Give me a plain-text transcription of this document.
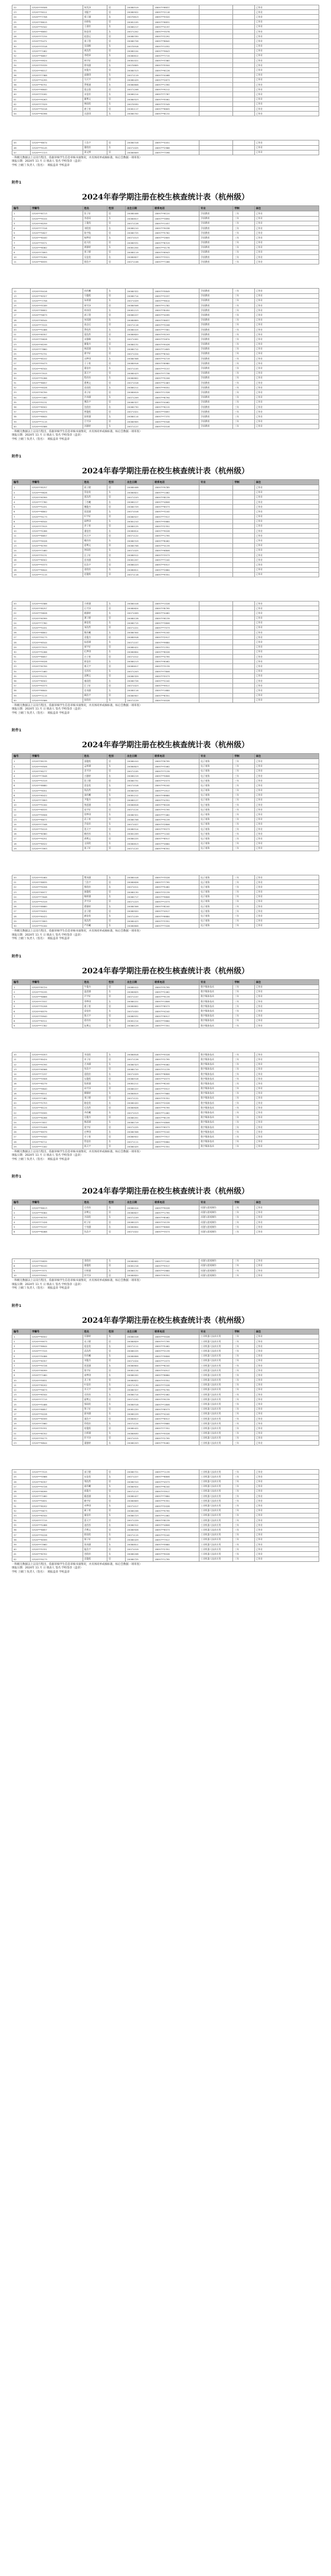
22	G320***9506	何其泽	男	20080519	18097**6637			已毕业
23	G320***9011	刘振宇	男	20080922	18097**2118			已毕业
24	G320***7708	郑子涵	女	20070613	18097**5520			已毕业
25	G320***8615	孙梓航	男	20081105	18097**6831			已毕业
26	G320***9342	王嘉怡	女	20080217	18097**4197			已毕业
27	G320***6650	陈佳琪	女	20071202	18097**3076			已毕业
28	G320***7154	赵思远	男	20080330	18097**2291			已毕业
29	G320***5471	周子墨	男	20080726	18097**8840			已毕业
30	G320***3318	吴雨桐	女	20070918	18097**1052			已毕业
31	G320***7462	黄浩然	男	20080104	18097**9643			已毕业
32	G320***8857	李欣妍	女	20080612	18097**7715			已毕业
33	G320***9924	林宇轩	男	20081021	18097**3380			已毕业
34	G320***5539	徐诗涵	女	20070805	18097**5504			已毕业
35	G320***6017	何俊杰	男	20080313	18097**6126			已毕业
36	G320***7388	高雅琪	女	20071119	18097**4468			已毕业
37	G320***4295	马天宇	男	20080429	18097**2873			已毕业
38	G320***8751	罗紫涵	女	20080808	18097**1390			已毕业
39	G320***6640	梁志强	男	20071206	18097**9212			已毕业
40	G320***3182	宋佳怡	女	20080214	18097**7787			已毕业
41	G320***9263	谢博文	男	20080523	18097**5061			已毕业
42	G320***7529	韩雨欣	女	20070930	18097**3349			已毕业
43	G320***5018	唐子豪	男	20081117	18097**6605			已毕业
44	G320***8396	冯思琪	女	20080702	18097**8132			已毕业
45	G320***6674	于浩宇	男	20080316	18097**4451			已毕业
46	G320***9145	董欣怡	女	20071025	18097**2968			已毕业
47	G320***7723	萧文博	男	20080609	18097**7096			已毕业
一和级无数据以上以及行程出，依据审核学生信息审核书面情况，并具体同单成核标准，标后会数据一项审查）
填报日期：2024年 11 月 日 填表人 签名 学校签章（盖章）
学校 上级门 负责人（签名）： 填报盖章 学校盖章
附件1
2024年春学期注册在校生核查统计表（杭州级）
编号	学籍号	姓名	性别	出生日期	联系电话	专业	学制	备注
1	G320***8713	张子轩	男	20080406	18097**6120	学前教育	三年	已毕业
2	G320***9104	李思雨	女	20080817	18097**3894	学前教育	三年	已毕业
3	G320***6259	王俊凯	男	20071128	18097**1457	学前教育	三年	已毕业
4	G320***7316	刘欣悦	女	20080210	18097**9038	学前教育	三年	已毕业
5	G320***5827	陈宇航	男	20080725	18097**5762	学前教育	三年	已毕业
6	G320***8440	杨梦瑶	女	20071013	18097**2605	学前教育	三年	已毕业
7	G320***9571	赵天佑	男	20080531	18097**8319	学前教育	三年	已毕业
8	G320***6082	黄雅婷	女	20081204	18097**4176	学前教育	三年	已毕业
9	G320***7693	周子健	男	20080119	18097**6943	学前教育	三年	已毕业
10	G320***5264	吴佳欣	女	20080827	18097**3521	学前教育	三年	已毕业
11	G320***8935	徐浩宇	男	20071108	18097**7286	学前教育	三年	已毕业
12	G320***9416	孙若曦	女	20080322	18097**5849	学前教育	三年	已毕业
13	G320***6327	马俊熙	男	20080714	18097**2037	学前教育	三年	已毕业
14	G320***7758	朱梓涵	女	20071029	18097**9614	学前教育	三年	已毕业
15	G320***5189	胡宇泽	男	20080506	18097**1782	学前教育	三年	已毕业
16	G320***8602	林诗琪	女	20081213	18097**8450	学前教育	三年	已毕业
17	G320***9873	郭子墨	男	20080227	18097**4095	学前教育	三年	已毕业
18	G320***6544	何雨涵	女	20080809	18097**6637	学前教育	三年	已毕业
19	G320***7015	高志远	男	20071116	18097**3208	学前教育	三年	已毕业
20	G320***5486	罗欣然	女	20080415	18097**7561	学前教育	三年	已毕业
21	G320***8357	梁浩然	男	20080620	18097**5193	学前教育	三年	已毕业
22	G320***9628	宋雅琳	女	20071002	18097**2874	学前教育	三年	已毕业
23	G320***6199	谢俊杰	男	20080131	18097**9426	学前教育	三年	已毕业
24	G320***7860	韩思涵	女	20080712	18097**1605	学前教育	三年	已毕业
25	G320***5731	唐宇轩	男	20071224	18097**8342	学前教育	三年	已毕业
26	G320***8102	冯梦琪	女	20080308	18097**4719	学前教育	三年	已毕业
27	G320***9473	于子豪	男	20080916	18097**6980	学前教育	三年	已毕业
28	G320***6344	董佳怡	女	20071105	18097**3157	学前教育	三年	已毕业
29	G320***7915	萧天宇	男	20080423	18097**7738	学前教育	三年	已毕业
30	G320***5286	程若彤	女	20080802	18097**5206	学前教育	三年	已毕业
31	G320***8657	曹博文	男	20071018	18097**2483	学前教育	三年	已毕业
32	G320***9028	袁雨欣	女	20080211	18097**9051	学前教育	三年	已毕业
33	G320***6799	邓子轩	男	20080619	18097**1328	学前教育	三年	已毕业
34	G320***7460	许诗涵	女	20071209	18097**8794	学前教育	三年	已毕业
35	G320***5131	傅浩宇	男	20080327	18097**4462	学前教育	三年	已毕业
36	G320***8502	沈欣怡	女	20080730	18097**6215	学前教育	三年	已毕业
37	G320***9373	曾俊熙	男	20071021	18097**3697	学前教育	三年	已毕业
38	G320***6644	彭梓涵	女	20080114	18097**7370	学前教育	三年	已毕业
39	G320***7115	吕宇泽	男	20080905	18097**5548	学前教育	三年	已毕业
40	G320***5586	苏雅婷	女	20071127	18097**2016	学前教育	三年	已毕业
一和级无数据以上以及行程出，依据审核学生信息审核书面情况，并具体同单成核标准，标后会数据一项审查）
填报日期：2024年 11 月 日 填表人 签名 学校签章（盖章）
学校 上级门 负责人（签名）： 填报盖章 学校盖章
附件1
2024年春学期注册在校生核查统计表（杭州级）
编号	学籍号	姓名	性别	出生日期	联系电话	专业	学制	备注
1	G320***8257	蒋子健	男	20080408	18097**9785			已毕业
2	G320***9628	蔡佳欣	女	20080821	18097**1462			已毕业
3	G320***6399	贾浩然	男	20071103	18097**8139			已毕业
4	G320***7760	丁若曦	女	20080217	18097**4806			已毕业
5	G320***5431	魏俊杰	男	20080729	18097**6573			已毕业
6	G320***8802	薛思涵	女	20071016	18097**3240			已毕业
7	G320***9173	叶宇轩	男	20080527	18097**7917			已毕业
8	G320***6544	阎梦琪	女	20081210	18097**5684			已毕业
9	G320***7915	余子豪	男	20080125	18097**2351			已毕业
10	G320***5286	潘佳怡	女	20080814	18097**9028			已毕业
11	G320***8657	杜天宇	男	20071122	18097**1795			已毕业
12	G320***9028	戴若彤	女	20080319	18097**8462			已毕业
13	G320***6799	夏博文	男	20080706	18097**4139			已毕业
14	G320***7460	钟雨欣	女	20071025	18097**6806			已毕业
15	G320***5131	汪子轩	男	20080512	18097**3573			已毕业
16	G320***8502	田诗涵	女	20081207	18097**7240			已毕业
17	G320***9373	任浩宇	男	20080223	18097**5917			已毕业
18	G320***6644	姜欣怡	女	20080811	18097**2684			已毕业
19	G320***7115	范俊熙	男	20071118	18097**9351			已毕业
20	G320***5586	方梓涵	女	20080416	18097**1028			已毕业
21	G320***8257	石宇泽	男	20080624	18097**8795			已毕业
22	G320***9628	姚雅婷	女	20071009	18097**4462			已毕业
23	G320***6399	谭子健	男	20080128	18097**6139			已毕业
24	G320***7760	廖佳欣	女	20080715	18097**3806			已毕业
25	G320***5431	邹浩然	男	20071221	18097**7573			已毕业
26	G320***8802	熊若曦	女	20080304	18097**5240			已毕业
27	G320***9173	金俊杰	男	20080918	18097**2917			已毕业
28	G320***6544	陆思涵	女	20071107	18097**9684			已毕业
29	G320***7915	郝宇轩	男	20080421	18097**1351			已毕业
30	G320***5286	孔梦琪	女	20080804	18097**8028			已毕业
31	G320***8657	白子豪	男	20071012	18097**4795			已毕业
32	G320***9028	崔佳怡	女	20080213	18097**6462			已毕业
33	G320***6799	康天宇	男	20080617	18097**3139			已毕业
34	G320***7460	毛若彤	女	20071203	18097**7806			已毕业
35	G320***5131	邱博文	男	20080329	18097**5573			已毕业
36	G320***8502	秦雨欣	女	20080726	18097**2240			已毕业
37	G320***9373	江子轩	男	20071023	18097**9917			已毕业
38	G320***6644	史诗涵	女	20080116	18097**1684			已毕业
39	G320***7115	顾浩宇	男	20080907	18097**8351			已毕业
40	G320***5586	侯欣怡	女	20071129	18097**4028			已毕业
一和级无数据以上以及行程出，依据审核学生信息审核书面情况，并具体同单成核标准，标后会数据一项审查）
填报日期：2024年 11 月 日 填表人 签名 学校签章（盖章）
学校 上级门 负责人（签名）： 填报盖章 学校盖章
附件1
2024年春学期注册在校生核查统计表（杭州级）
编号	学籍号	姓名	性别	出生日期	联系电话	专业	学制	备注
1	G320***8135	邵俊熙	男	20080410	18097**6795	电子商务	三年	已毕业
2	G320***9506	孟梓涵	女	20080823	18097**3462	电子商务	三年	已毕业
3	G320***6277	龙宇泽	男	20071105	18097**7139	电子商务	三年	已毕业
4	G320***7648	万雅婷	女	20080219	18097**5806	电子商务	三年	已毕业
5	G320***5319	段子健	男	20080731	18097**2573	电子商务	三年	已毕业
6	G320***8680	雷佳欣	女	20071018	18097**9240	电子商务	三年	已毕业
7	G320***9051	钱浩然	男	20080529	18097**1917	电子商务	三年	已毕业
8	G320***6422	汤若曦	女	20081212	18097**8684	电子商务	三年	已毕业
9	G320***7893	尹俊杰	男	20080127	18097**4351	电子商务	三年	已毕业
10	G320***5164	黎思涵	女	20080816	18097**6028	电子商务	三年	已毕业
11	G320***8535	易宇轩	男	20071124	18097**3795	电子商务	三年	已毕业
12	G320***9906	常梦琪	女	20080321	18097**7462	电子商务	三年	已毕业
13	G320***6677	武子豪	男	20080708	18097**5139	电子商务	三年	已毕业
14	G320***7348	乔佳怡	女	20071027	18097**2806	电子商务	三年	已毕业
15	G320***5019	贺天宇	男	20080514	18097**9573	电子商务	三年	已毕业
16	G320***8380	赖若彤	女	20081209	18097**1240	电子商务	三年	已毕业
17	G320***9251	龚博文	男	20080225	18097**8917	电子商务	三年	已毕业
18	G320***6522	文雨欣	女	20080813	18097**4684	电子商务	三年	已毕业
19	G320***7993	庞子轩	男	20071120	18097**6351	电子商务	三年	已毕业
20	G320***5464	樊诗涵	女	20080418	18097**3028	电子商务	三年	已毕业
21	G320***8835	兰浩宇	男	20080626	18097**7795	电子商务	三年	已毕业
22	G320***9206	殷欣怡	女	20071011	18097**5462	电子商务	三年	已毕业
23	G320***6977	施俊熙	男	20080130	18097**2139	电子商务	三年	已毕业
24	G320***7648	陶梓涵	女	20080717	18097**9806	电子商务	三年	已毕业
25	G320***5319	洪宇泽	男	20071223	18097**1573	电子商务	三年	已毕业
26	G320***8680	翟雅婷	女	20080306	18097**8240	电子商务	三年	已毕业
27	G320***9051	安子健	男	20080920	18097**4917	电子商务	三年	已毕业
28	G320***6422	颜佳欣	女	20071109	18097**6684	电子商务	三年	已毕业
29	G320***7893	倪浩然	男	20080423	18097**3351	电子商务	三年	已毕业
30	G320***5164	严若曦	女	20080806	18097**7028	电子商务	三年	已毕业
一和级无数据以上以及行程出，依据审核学生信息审核书面情况，并具体同单成核标准，标后会数据一项审查）
填报日期：2024年 11 月 日 填表人 签名 学校签章（盖章）
学校 上级门 负责人（签名）： 填报盖章 学校盖章
附件1
2024年春学期注册在校生核查统计表（杭州级）
编号	学籍号	姓名	性别	出生日期	联系电话	专业	学制	备注
1	G320***8724	牛俊杰	男	20080412	18097**5795	数字媒体技术	三年	已毕业
2	G320***9195	温思涵	女	20080825	18097**2462	数字媒体技术	三年	已毕业
3	G320***6866	芦宇轩	男	20071107	18097**9139	数字媒体技术	三年	已毕业
4	G320***7537	季梦琪	女	20080221	18097**1806	数字媒体技术	三年	已毕业
5	G320***5208	俞子豪	男	20080802	18097**8573	数字媒体技术	三年	已毕业
6	G320***8579	章佳怡	女	20071020	18097**4240	数字媒体技术	三年	已毕业
7	G320***9940	鲁天宇	男	20080531	18097**6917	数字媒体技术	三年	已毕业
8	G320***6311	葛若彤	女	20081214	18097**3684	数字媒体技术	三年	已毕业
9	G320***7782	伍博文	男	20080129	18097**7351	数字媒体技术	三年	已毕业
10	G320***5053	韦雨欣	女	20080818	18097**5028	数字媒体技术	三年	已毕业
11	G320***8424	申子轩	男	20071126	18097**2795	数字媒体技术	三年	已毕业
12	G320***9795	尤诗涵	女	20080323	18097**9462	数字媒体技术	三年	已毕业
13	G320***6566	毕浩宇	男	20080710	18097**1139	数字媒体技术	三年	已毕业
14	G320***7237	聂欣怡	女	20071029	18097**8806	数字媒体技术	三年	已毕业
15	G320***5908	丛俊熙	男	20080516	18097**4573	数字媒体技术	三年	已毕业
16	G320***8279	焦梓涵	女	20081211	18097**6240	数字媒体技术	三年	已毕业
17	G320***9640	向宇泽	男	20080227	18097**3917	数字媒体技术	三年	已毕业
18	G320***6011	柳雅婷	女	20080815	18097**7684	数字媒体技术	三年	已毕业
19	G320***7482	邢子健	男	20071122	18097**5351	数字媒体技术	三年	已毕业
20	G320***5753	路佳欣	女	20080420	18097**2028	数字媒体技术	三年	已毕业
21	G320***8124	岳浩然	男	20080628	18097**9795	数字媒体技术	三年	已毕业
22	G320***9595	齐若曦	女	20071013	18097**1462	数字媒体技术	三年	已毕业
23	G320***6266	沿俊杰	男	20080201	18097**8139	数字媒体技术	三年	已毕业
24	G320***7837	梅思涵	女	20080719	18097**4806	数字媒体技术	三年	已毕业
25	G320***5408	莫宇轩	男	20071225	18097**6573	数字媒体技术	三年	已毕业
26	G320***8979	庄梦琪	女	20080308	18097**3240	数字媒体技术	三年	已毕业
27	G320***9340	辛子豪	男	20080922	18097**7917	数字媒体技术	三年	已毕业
28	G320***6711	管佳怡	女	20071111	18097**5684	数字媒体技术	三年	已毕业
29	G320***7182	祝天宇	男	20080425	18097**2351	数字媒体技术	三年	已毕业
一和级无数据以上以及行程出，依据审核学生信息审核书面情况，并具体同单成核标准，标后会数据一项审查）
填报日期：2024年 11 月 日 填表人 签名 学校签章（盖章）
学校 上级门 负责人（签名）： 填报盖章 学校盖章
附件1
2024年春学期注册在校生核查统计表（杭州级）
编号	学籍号	姓名	性别	出生日期	联系电话	专业	学制	备注
1	G320***8613	左若彤	女	20080414	18097**9028	动漫与游戏制作	三年	已毕业
2	G320***9084	涂博文	男	20080827	18097**1795	动漫与游戏制作	三年	已毕业
3	G320***6755	谷雨欣	女	20071109	18097**8462	动漫与游戏制作	三年	已毕业
4	G320***7426	时子轩	男	20080223	18097**4139	动漫与游戏制作	三年	已毕业
5	G320***5197	宁诗涵	女	20080804	18097**6806	动漫与游戏制作	三年	已毕业
6	G320***8468	仇浩宇	男	20071022	18097**3573	动漫与游戏制作	三年	已毕业
7	G320***9839	栾欣怡	女	20080602	18097**7240	动漫与游戏制作	三年	已毕业
8	G320***6100	暴俊熙	男	20081216	18097**5917	动漫与游戏制作	三年	已毕业
9	G320***7571	甘梓涵	女	20080131	18097**2684	动漫与游戏制作	三年	已毕业
10	G320***5942	钭宇泽	男	20080820	18097**9351	动漫与游戏制作	三年	已毕业
一和级无数据以上以及行程出，依据审核学生信息审核书面情况，并具体同单成核标准，标后会数据一项审查）
填报日期：2024年 11 月 日 填表人 签名 学校签章（盖章）
学校 上级门 负责人（签名）： 填报盖章 学校盖章
附件1
2024年春学期注册在校生核查统计表（杭州级）
编号	学籍号	姓名	性别	出生日期	联系电话	专业	学制	备注
1	G320***8502	厉雅婷	女	20080416	18097**3028	工业机器人技术应用	三年	已毕业
2	G320***9973	戎子健	男	20080829	18097**7795	工业机器人技术应用	三年	已毕业
3	G320***6644	祖佳欣	女	20071111	18097**5462	工业机器人技术应用	三年	已毕业
4	G320***7315	武浩然	男	20080225	18097**2139	工业机器人技术应用	三年	已毕业
5	G320***5086	符若曦	女	20080806	18097**9806	工业机器人技术应用	三年	已毕业
6	G320***8357	刘俊杰	男	20071024	18097**1573	工业机器人技术应用	三年	已毕业
7	G320***9728	景思涵	女	20080604	18097**8240	工业机器人技术应用	三年	已毕业
8	G320***6099	詹宇轩	男	20081218	18097**4917	工业机器人技术应用	三年	已毕业
9	G320***7460	束梦琪	女	20080202	18097**6684	工业机器人技术应用	三年	已毕业
10	G320***5831	龙子豪	男	20080822	18097**3351	工业机器人技术应用	三年	已毕业
11	G320***8202	叶佳怡	女	20071130	18097**7028	工业机器人技术应用	三年	已毕业
12	G320***9673	幸天宇	男	20080327	18097**5795	工业机器人技术应用	三年	已毕业
13	G320***6344	司若彤	女	20080714	18097**2462	工业机器人技术应用	三年	已毕业
14	G320***7715	韶博文	男	20071102	18097**9139	工业机器人技术应用	三年	已毕业
15	G320***5486	郜雨欣	女	20080518	18097**1806	工业机器人技术应用	三年	已毕业
16	G320***8857	黎子轩	男	20081220	18097**8573	工业机器人技术应用	三年	已毕业
17	G320***9228	蓟诗涵	女	20080229	18097**4240	工业机器人技术应用	三年	已毕业
18	G320***6599	薄浩宇	男	20080817	18097**6917	工业机器人技术应用	三年	已毕业
19	G320***7960	印欣怡	女	20071124	18097**3684	工业机器人技术应用	三年	已毕业
20	G320***5331	宿俊熙	男	20080422	18097**7351	工业机器人技术应用	三年	已毕业
21	G320***8702	白梓涵	女	20080630	18097**5028	工业机器人技术应用	三年	已毕业
22	G320***9173	怀宇泽	男	20071015	18097**2795	工业机器人技术应用	三年	已毕业
23	G320***6844	蒲雅婷	女	20080203	18097**9462	工业机器人技术应用	三年	已毕业
24	G320***7515	邰子健	男	20080721	18097**1139	工业机器人技术应用	三年	已毕业
25	G320***5986	从佳欣	女	20071227	18097**8806	工业机器人技术应用	三年	已毕业
26	G320***8357	鄂浩然	男	20080310	18097**4573	工业机器人技术应用	三年	已毕业
27	G320***9728	索若曦	女	20080924	18097**6240	工业机器人技术应用	三年	已毕业
28	G320***6099	咸俊杰	男	20071113	18097**3917	工业机器人技术应用	三年	已毕业
29	G320***7460	籍思涵	女	20080427	18097**7684	工业机器人技术应用	三年	已毕业
30	G320***5831	赖宇轩	男	20080809	18097**5351	工业机器人技术应用	三年	已毕业
31	G320***8202	卓梦琪	女	20071017	18097**2028	工业机器人技术应用	三年	已毕业
32	G320***9673	蔺子豪	男	20080206	18097**9795	工业机器人技术应用	三年	已毕业
33	G320***6344	屠佳怡	女	20080723	18097**1462	工业机器人技术应用	三年	已毕业
34	G320***7715	蒙天宇	男	20071229	18097**8139	工业机器人技术应用	三年	已毕业
35	G320***5486	池若彤	女	20080312	18097**4806	工业机器人技术应用	三年	已毕业
36	G320***8857	乔博文	男	20080926	18097**6573	工业机器人技术应用	三年	已毕业
37	G320***9228	阴雨欣	女	20071115	18097**3240	工业机器人技术应用	三年	已毕业
38	G320***6599	郁子轩	男	20080429	18097**7917	工业机器人技术应用	三年	已毕业
39	G320***7960	胥诗涵	女	20080811	18097**5684	工业机器人技术应用	三年	已毕业
40	G320***5331	能浩宇	男	20071019	18097**2351	工业机器人技术应用	三年	已毕业
41	G320***8702	苍欣怡	女	20080208	18097**9028	工业机器人技术应用	三年	已毕业
42	G320***9173	双俊熙	男	20080725	18097**1795	工业机器人技术应用	三年	已毕业
一和级无数据以上以及行程出，依据审核学生信息审核书面情况，并具体同单成核标准，标后会数据一项审查）
填报日期：2024年 11 月 日 填表人 签名 学校签章（盖章）
学校 上级门 负责人（签名）： 填报盖章 学校盖章
